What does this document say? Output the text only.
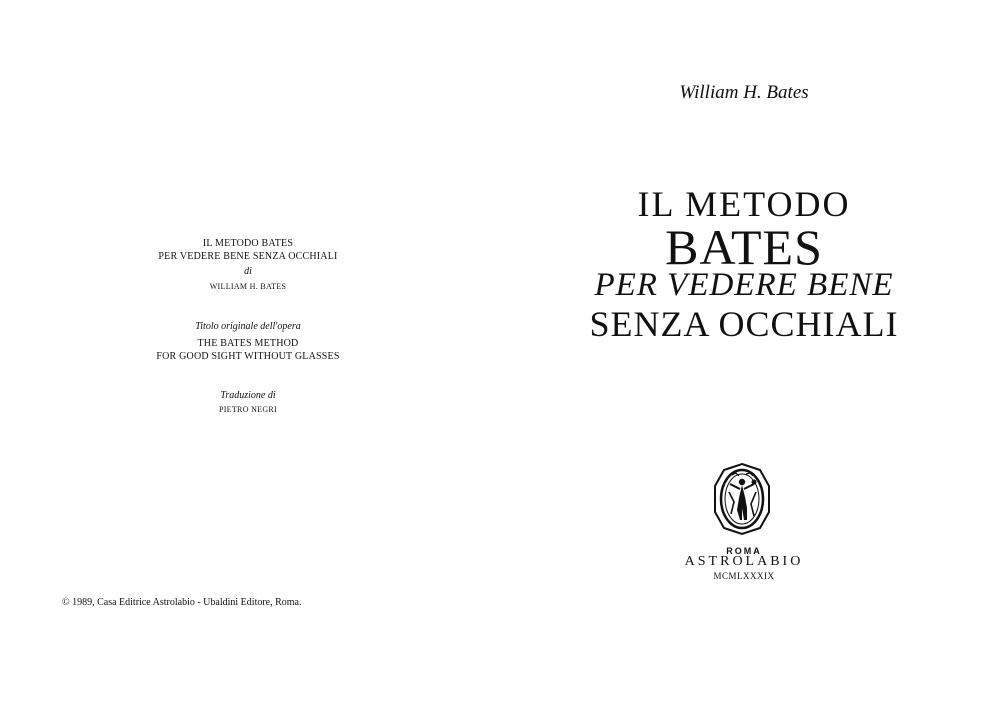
IL METODO BATES
PER VEDERE BENE SENZA OCCHIALI
di
WILLIAM H. BATES
Titolo originale dell'opera
THE BATES METHOD
FOR GOOD SIGHT WITHOUT GLASSES
Traduzione di
PIETRO NEGRI
© 1989, Casa Editrice Astrolabio - Ubaldini Editore, Roma.
William H. Bates
IL METODO
BATES
PER VEDERE BENE
SENZA OCCHIALI
ROMA
ASTROLABIO
MCMLXXXIX
